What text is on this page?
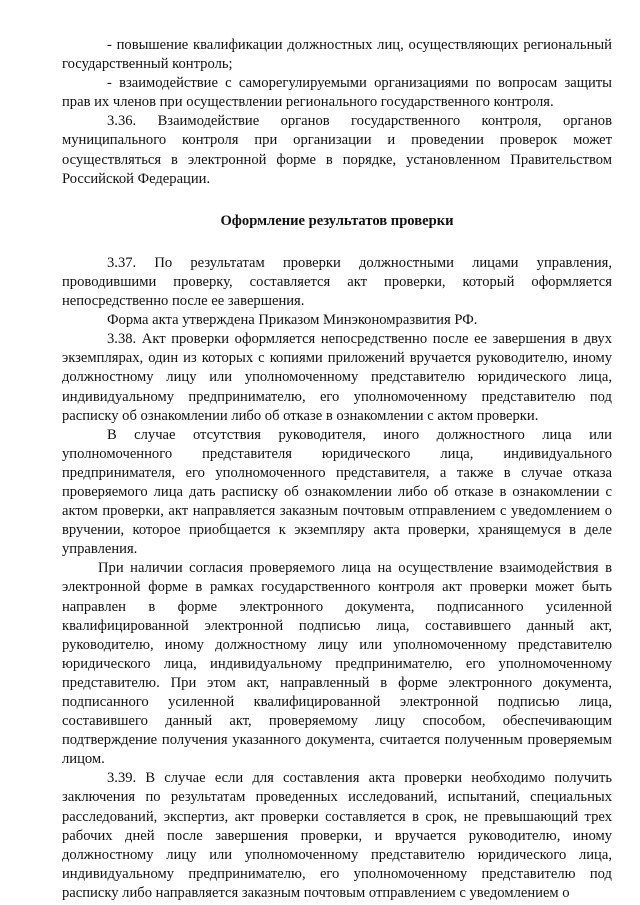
- повышение квалификации должностных лиц, осуществляющих региональный государственный контроль;

- взаимодействие с саморегулируемыми организациями по вопросам защиты прав их членов при осуществлении регионального государственного контроля.

3.36. Взаимодействие органов государственного контроля, органов муниципального контроля при организации и проведении проверок может осуществляться в электронной форме в порядке, установленном Правительством Российской Федерации.

Оформление результатов проверки

3.37. По результатам проверки должностными лицами управления, проводившими проверку, составляется акт проверки, который оформляется непосредственно после ее завершения.

Форма акта утверждена Приказом Минэкономразвития РФ.

3.38. Акт проверки оформляется непосредственно после ее завершения в двух экземплярах, один из которых с копиями приложений вручается руководителю, иному должностному лицу или уполномоченному представителю юридического лица, индивидуальному предпринимателю, его уполномоченному представителю под расписку об ознакомлении либо об отказе в ознакомлении с актом проверки.

В случае отсутствия руководителя, иного должностного лица или уполномоченного представителя юридического лица, индивидуального предпринимателя, его уполномоченного представителя, а также в случае отказа проверяемого лица дать расписку об ознакомлении либо об отказе в ознакомлении с актом проверки, акт направляется заказным почтовым отправлением с уведомлением о вручении, которое приобщается к экземпляру акта проверки, хранящемуся в деле управления.

При наличии согласия проверяемого лица на осуществление взаимодействия в электронной форме в рамках государственного контроля акт проверки может быть направлен в форме электронного документа, подписанного усиленной квалифицированной электронной подписью лица, составившего данный акт, руководителю, иному должностному лицу или уполномоченному представителю юридического лица, индивидуальному предпринимателю, его уполномоченному представителю. При этом акт, направленный в форме электронного документа, подписанного усиленной квалифицированной электронной подписью лица, составившего данный акт, проверяемому лицу способом, обеспечивающим подтверждение получения указанного документа, считается полученным проверяемым лицом.

3.39. В случае если для составления акта проверки необходимо получить заключения по результатам проведенных исследований, испытаний, специальных расследований, экспертиз, акт проверки составляется в срок, не превышающий трех рабочих дней после завершения проверки, и вручается руководителю, иному должностному лицу или уполномоченному представителю юридического лица, индивидуальному предпринимателю, его уполномоченному представителю под расписку либо направляется заказным почтовым отправлением с уведомлением о
